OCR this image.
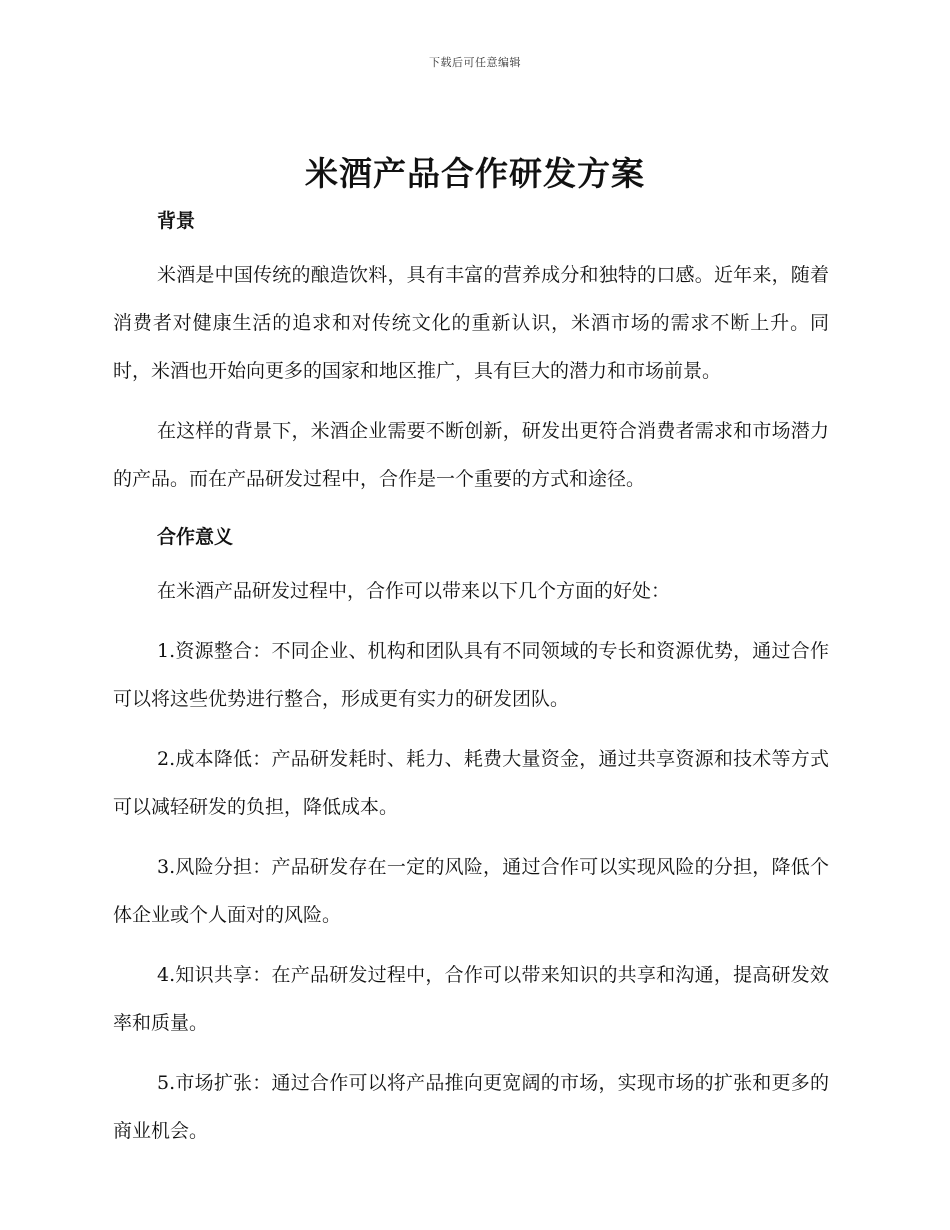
下载后可任意编辑
米酒产品合作研发方案
背景

米酒是中国传统的酿造饮料，具有丰富的营养成分和独特的口感。近年来，随着消费者对健康生活的追求和对传统文化的重新认识，米酒市场的需求不断上升。同时，米酒也开始向更多的国家和地区推广，具有巨大的潜力和市场前景。

在这样的背景下，米酒企业需要不断创新，研发出更符合消费者需求和市场潜力的产品。而在产品研发过程中，合作是一个重要的方式和途径。

合作意义

在米酒产品研发过程中，合作可以带来以下几个方面的好处：

1.资源整合：不同企业、机构和团队具有不同领域的专长和资源优势，通过合作可以将这些优势进行整合，形成更有实力的研发团队。

2.成本降低：产品研发耗时、耗力、耗费大量资金，通过共享资源和技术等方式可以减轻研发的负担，降低成本。

3.风险分担：产品研发存在一定的风险，通过合作可以实现风险的分担，降低个体企业或个人面对的风险。

4.知识共享：在产品研发过程中，合作可以带来知识的共享和沟通，提高研发效率和质量。

5.市场扩张：通过合作可以将产品推向更宽阔的市场，实现市场的扩张和更多的商业机会。
